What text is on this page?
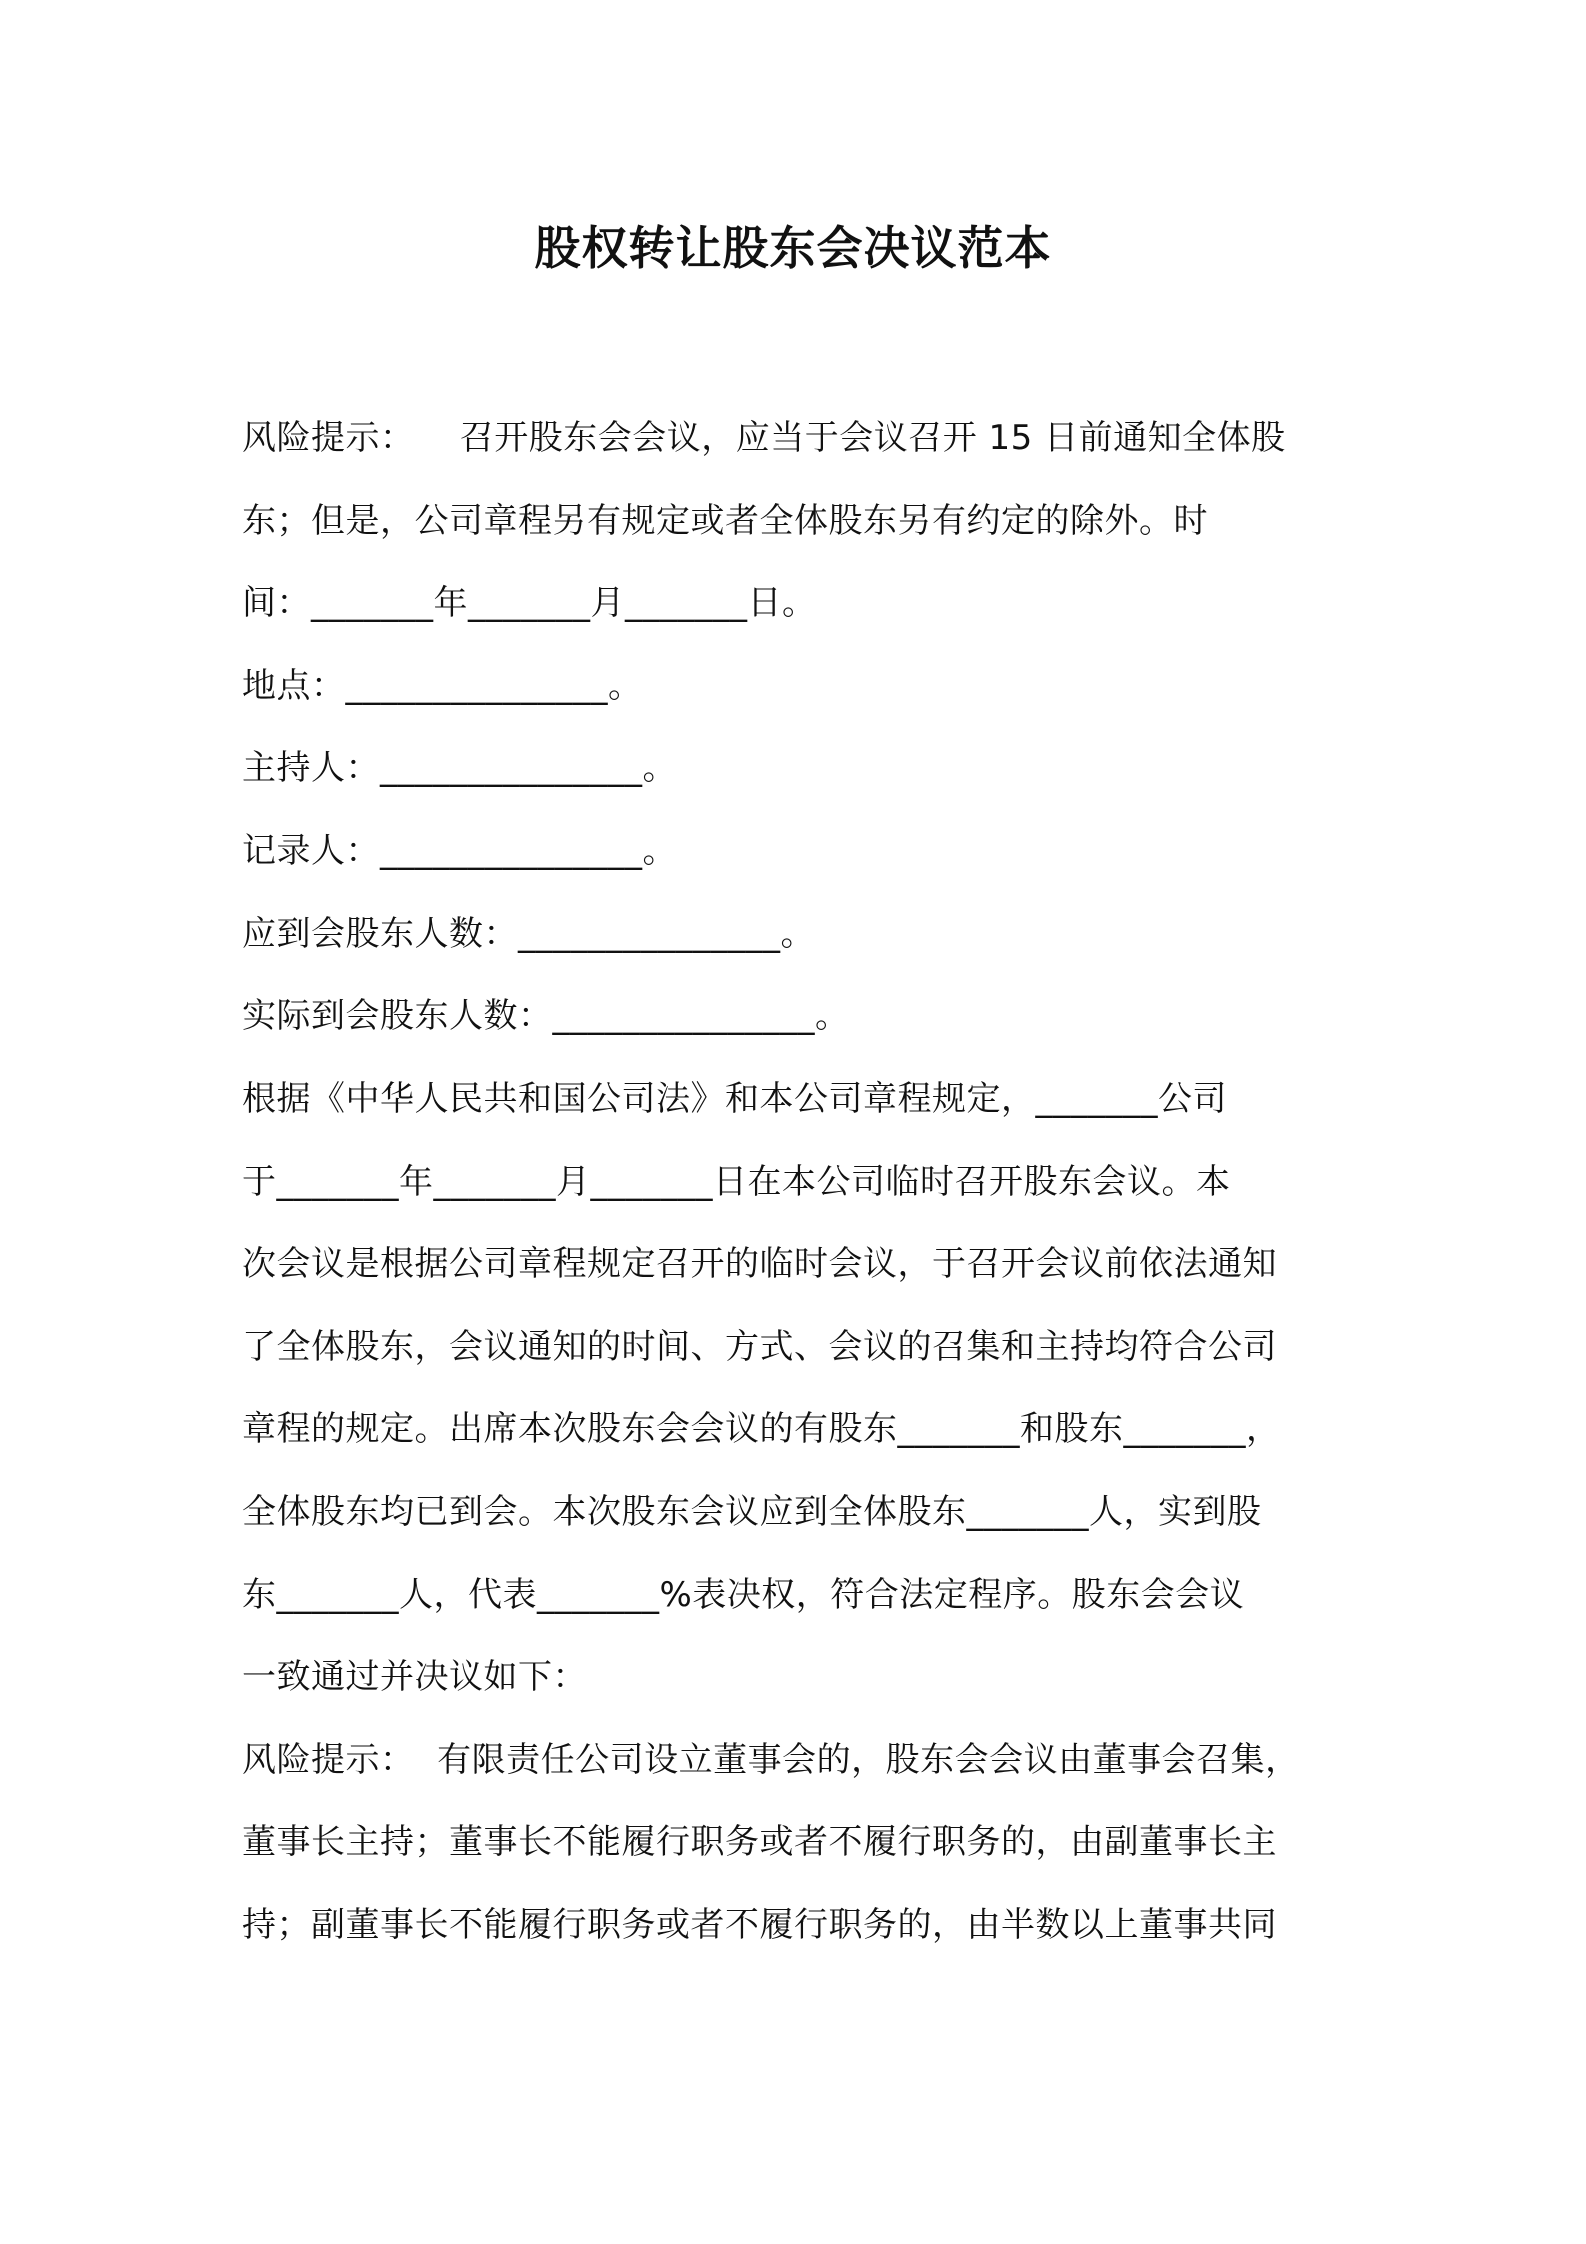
股权转让股东会决议范本
风险提示：    召开股东会会议，应当于会议召开 15 日前通知全体股
东；但是，公司章程另有规定或者全体股东另有约定的除外。时
间：_______年_______月_______日。
地点：_______________。
主持人：_______________。
记录人：_______________。
应到会股东人数：_______________。
实际到会股东人数：_______________。
根据《中华人民共和国公司法》和本公司章程规定，_______公司
于_______年_______月_______日在本公司临时召开股东会议。本
次会议是根据公司章程规定召开的临时会议，于召开会议前依法通知
了全体股东，会议通知的时间、方式、会议的召集和主持均符合公司
章程的规定。出席本次股东会会议的有股东_______和股东_______，
全体股东均已到会。本次股东会议应到全体股东_______人，实到股
东_______人，代表_______%表决权，符合法定程序。股东会会议
一致通过并决议如下：
风险提示：  有限责任公司设立董事会的，股东会会议由董事会召集，
董事长主持；董事长不能履行职务或者不履行职务的，由副董事长主
持；副董事长不能履行职务或者不履行职务的，由半数以上董事共同
